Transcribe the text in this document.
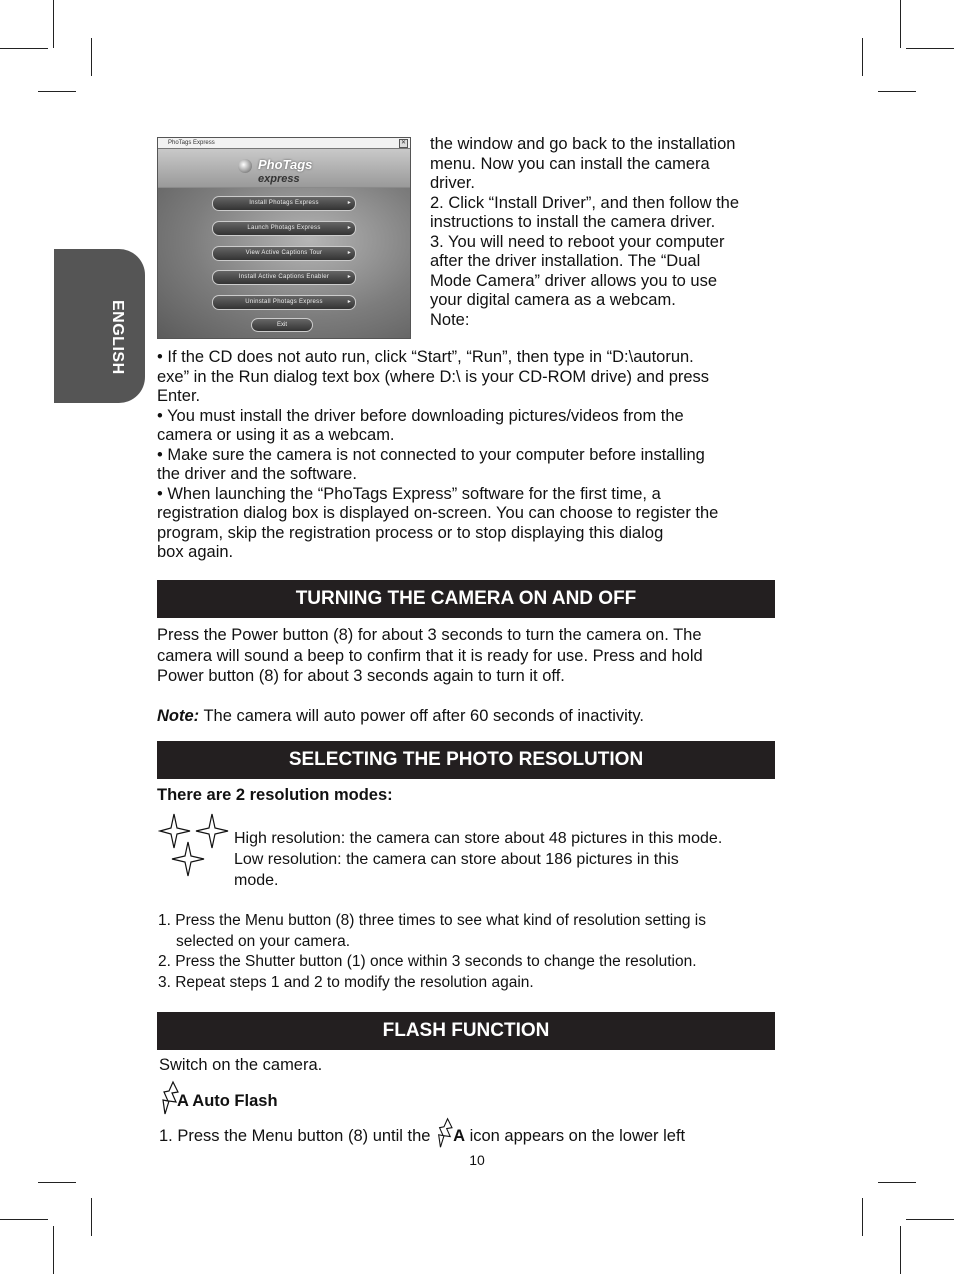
ENGLISH
PhoTags Express	✕
PhoTags
express
Install Photags Express	▸
Launch Photags Express	▸
View Active Captions Tour	▸
Install Active Captions Enabler	▸
Uninstall Photags Express	▸
Exit

the window and go back to the installation

menu. Now you can install the camera

driver.

2. Click “Install Driver”, and then follow the

instructions to install the camera driver.

3. You will need to reboot your computer

after the driver installation. The “Dual

Mode Camera” driver allows you to use

your digital camera as a webcam.

Note:

• If the CD does not auto run, click “Start”, “Run”, then type in “D:\autorun.

exe” in the Run dialog text box (where D:\ is your CD-ROM drive) and press

Enter.

• You must install the driver before downloading pictures/videos from the

camera or using it as a webcam.

• Make sure the camera is not connected to your computer before installing

the driver and the software.

• When launching the “PhoTags Express” software for the first time, a

registration dialog box is displayed on-screen. You can choose to register the

program, skip the registration process or to stop displaying this dialog

box again.

TURNING THE CAMERA ON AND OFF

Press the Power button (8) for about 3 seconds to turn the camera on. The

camera will sound a beep to confirm that it is ready for use. Press and hold

Power button (8) for about 3 seconds again to turn it off.

Note: The camera will auto power off after 60 seconds of inactivity.

SELECTING THE PHOTO RESOLUTION
There are 2 resolution modes:

High resolution: the camera can store about 48 pictures in this mode.

Low resolution: the camera can store about 186 pictures in this

mode.

1. Press the Menu button (8) three times to see what kind of resolution setting is

selected on your camera.

2. Press the Shutter button (1) once within 3 seconds to change the resolution.

3. Repeat steps 1 and 2 to modify the resolution again.

FLASH FUNCTION
Switch on the camera.
A Auto Flash
1. Press the Menu button (8) until the A icon appears on the lower left
10
